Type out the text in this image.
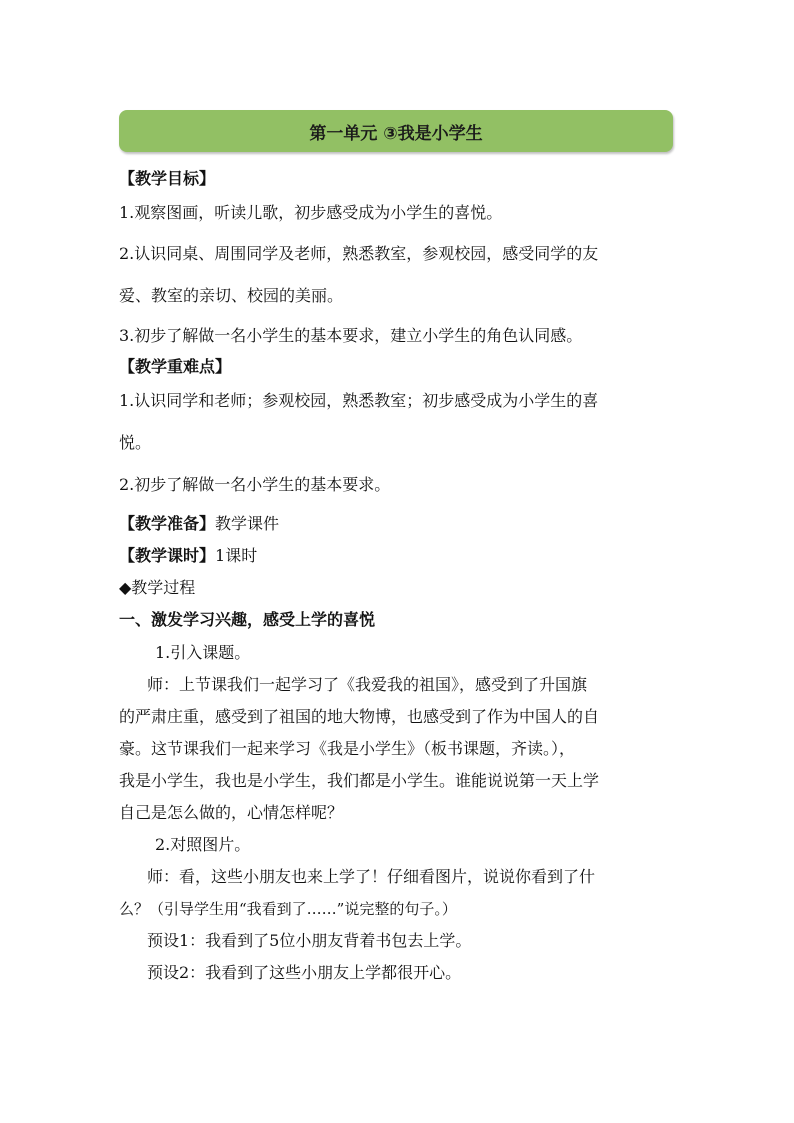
第一单元 ③我是小学生
【教学目标】
1.观察图画，听读儿歌，初步感受成为小学生的喜悦。
2.认识同桌、周围同学及老师，熟悉教室，参观校园，感受同学的友
爱、教室的亲切、校园的美丽。
3.初步了解做一名小学生的基本要求，建立小学生的角色认同感。
【教学重难点】
1.认识同学和老师；参观校园，熟悉教室；初步感受成为小学生的喜
悦。
2.初步了解做一名小学生的基本要求。
【教学准备】教学课件
【教学课时】1课时
◆教学过程
一、激发学习兴趣，感受上学的喜悦
1.引入课题。
师：上节课我们一起学习了《我爱我的祖国》，感受到了升国旗
的严肃庄重，感受到了祖国的地大物博，也感受到了作为中国人的自
豪。这节课我们一起来学习《我是小学生》（板书课题，齐读。），
我是小学生，我也是小学生，我们都是小学生。谁能说说第一天上学
自己是怎么做的，心情怎样呢？
2.对照图片。
师：看，这些小朋友也来上学了！仔细看图片，说说你看到了什
么？（引导学生用“我看到了……”说完整的句子。）
预设1：我看到了5位小朋友背着书包去上学。
预设2：我看到了这些小朋友上学都很开心。
